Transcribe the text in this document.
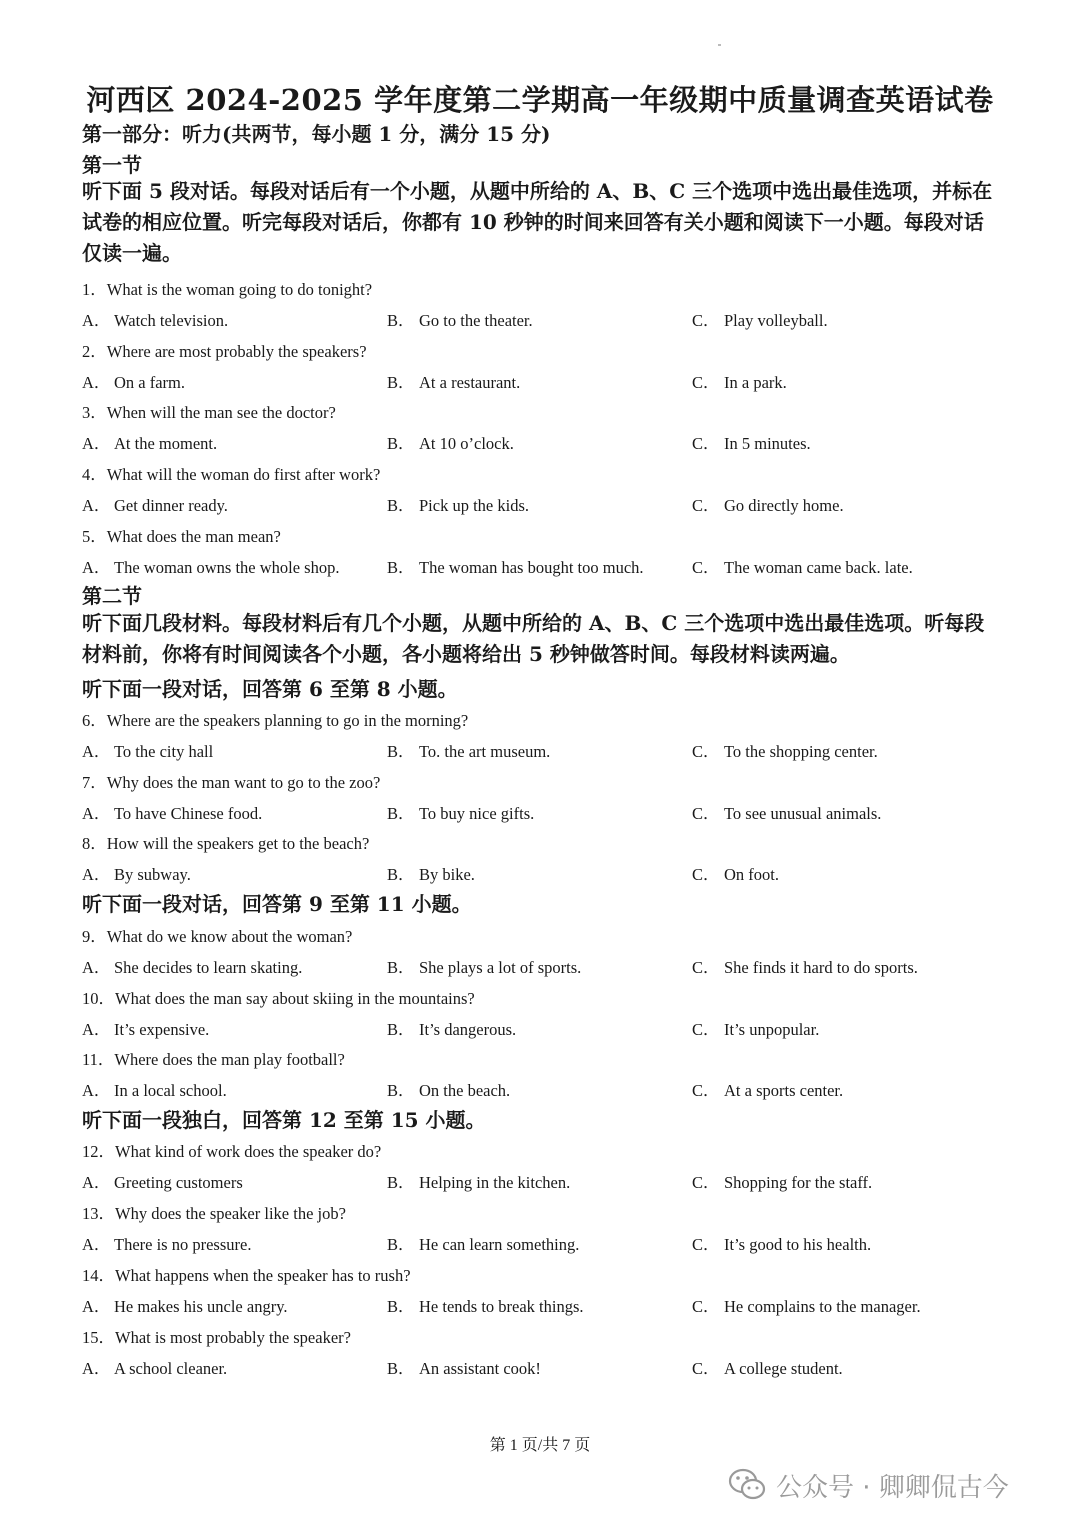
河西区 2024-2025 学年度第二学期高一年级期中质量调查英语试卷
第一部分：听力(共两节，每小题 1 分，满分 15 分)
第一节
听下面 5 段对话。每段对话后有一个小题，从题中所给的 A、B、C 三个选项中选出最佳选项，并标在试卷的相应位置。听完每段对话后，你都有 10 秒钟的时间来回答有关小题和阅读下一小题。每段对话仅读一遍。
1．What is the woman going to do tonight?
A． Watch television.	B． Go to the theater.	C． Play volleyball.
2．Where are most probably the speakers?
A． On a farm.	B． At a restaurant.	C． In a park.
3．When will the man see the doctor?
A． At the moment.	B． At 10 o’clock.	C． In 5 minutes.
4．What will the woman do first after work?
A． Get dinner ready.	B． Pick up the kids.	C． Go directly home.
5．What does the man mean?
A． The woman owns the whole shop.	B． The woman has bought too much.	C． The woman came back. late.
第二节
听下面几段材料。每段材料后有几个小题，从题中所给的 A、B、C 三个选项中选出最佳选项。听每段材料前，你将有时间阅读各个小题，各小题将给出 5 秒钟做答时间。每段材料读两遍。
听下面一段对话，回答第 6 至第 8 小题。
6．Where are the speakers planning to go in the morning?
A． To the city hall	B． To. the art museum.	C． To the shopping center.
7．Why does the man want to go to the zoo?
A． To have Chinese food.	B． To buy nice gifts.	C． To see unusual animals.
8．How will the speakers get to the beach?
A． By subway.	B． By bike.	C． On foot.
听下面一段对话，回答第 9 至第 11 小题。
9．What do we know about the woman?
A． She decides to learn skating.	B． She plays a lot of sports.	C． She finds it hard to do sports.
10．What does the man say about skiing in the mountains?
A． It’s expensive.	B． It’s dangerous.	C． It’s unpopular.
11．Where does the man play football?
A． In a local school.	B． On the beach.	C． At a sports center.
听下面一段独白，回答第 12 至第 15 小题。
12．What kind of work does the speaker do?
A． Greeting customers	B． Helping in the kitchen.	C． Shopping for the staff.
13．Why does the speaker like the job?
A． There is no pressure.	B． He can learn something.	C． It’s good to his health.
14．What happens when the speaker has to rush?
A． He makes his uncle angry.	B． He tends to break things.	C． He complains to the manager.
15．What is most probably the speaker?
A． A school cleaner.	B． An assistant cook!	C． A college student.
第 1 页/共 7 页
公众号 · 卿卿侃古今
